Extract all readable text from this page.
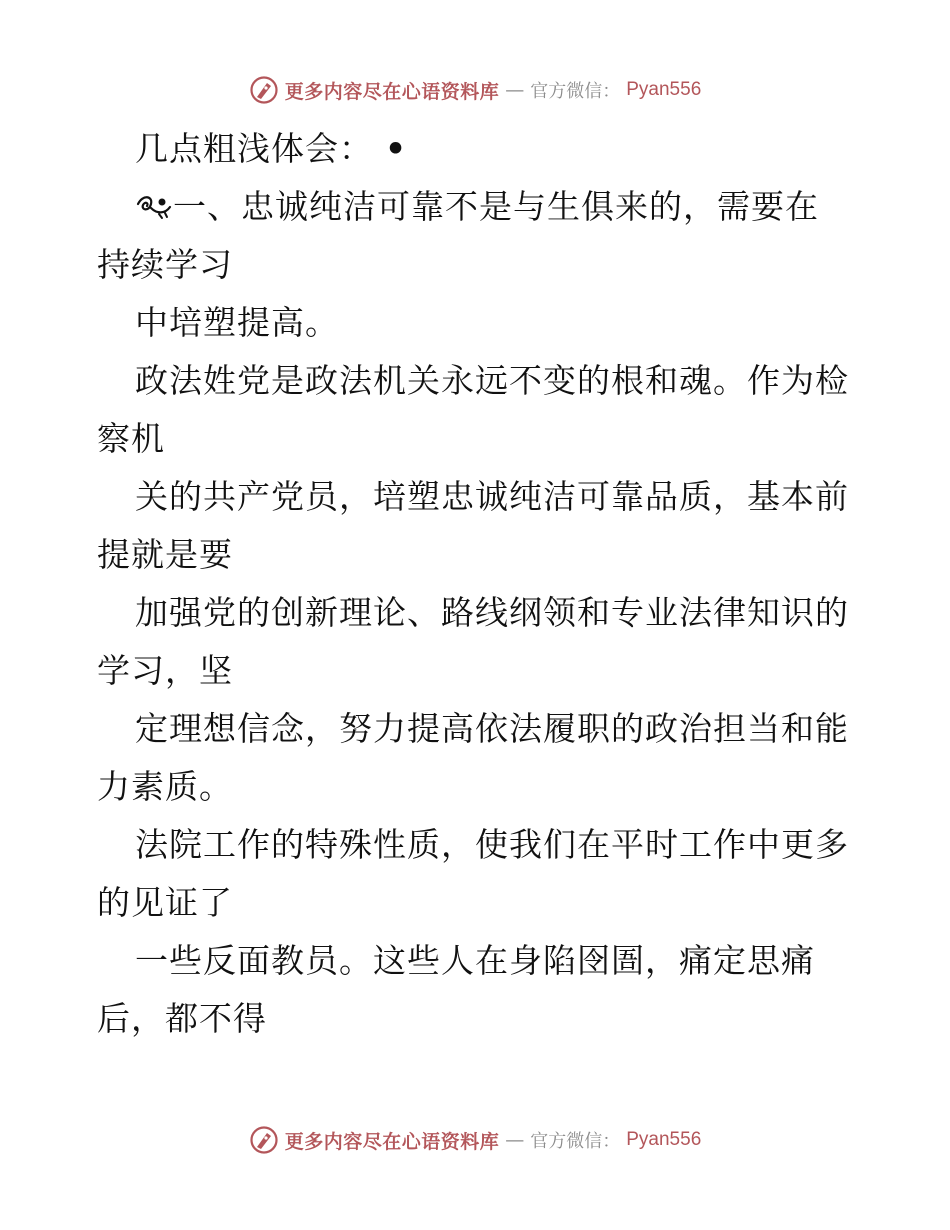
更多内容尽在心语资料库 — 官方微信： Pyan556
几点粗浅体会： •
一、忠诚纯洁可靠不是与生俱来的，需要在
持续学习
中培塑提高。
政法姓党是政法机关永远不变的根和魂。作为检
察机
关的共产党员，培塑忠诚纯洁可靠品质，基本前
提就是要
加强党的创新理论、路线纲领和专业法律知识的
学习，坚
定理想信念，努力提高依法履职的政治担当和能
力素质。
法院工作的特殊性质，使我们在平时工作中更多
的见证了
一些反面教员。这些人在身陷囹圄，痛定思痛
后，都不得
更多内容尽在心语资料库 — 官方微信： Pyan556
